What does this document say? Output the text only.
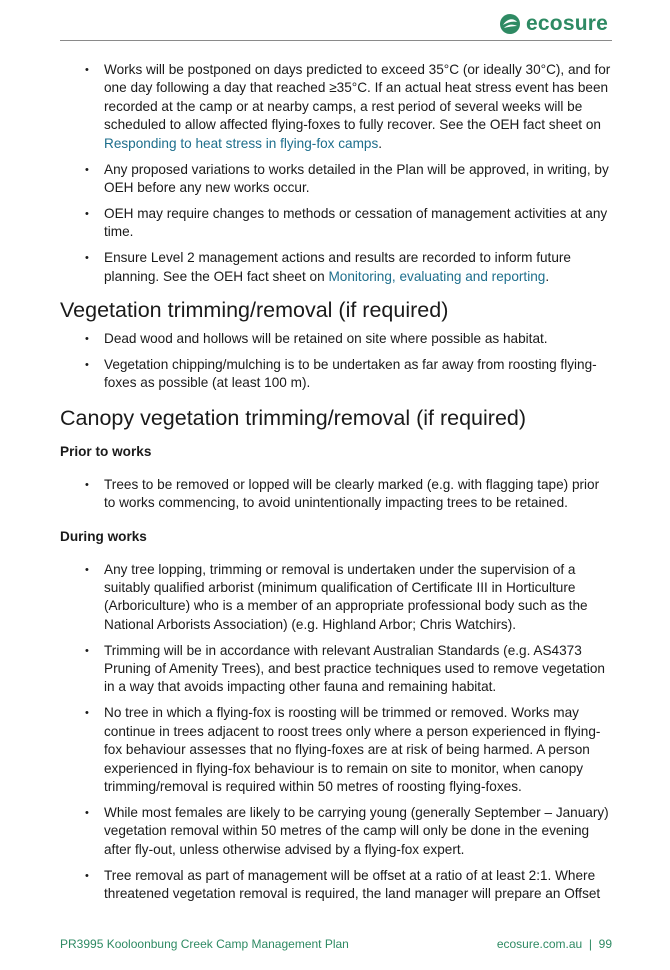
ecosure
• Works will be postponed on days predicted to exceed 35°C (or ideally 30°C), and for one day following a day that reached ≥35°C. If an actual heat stress event has been recorded at the camp or at nearby camps, a rest period of several weeks will be scheduled to allow affected flying-foxes to fully recover. See the OEH fact sheet on Responding to heat stress in flying-fox camps.
• Any proposed variations to works detailed in the Plan will be approved, in writing, by OEH before any new works occur.
• OEH may require changes to methods or cessation of management activities at any time.
• Ensure Level 2 management actions and results are recorded to inform future planning. See the OEH fact sheet on Monitoring, evaluating and reporting.
Vegetation trimming/removal (if required)
• Dead wood and hollows will be retained on site where possible as habitat.
• Vegetation chipping/mulching is to be undertaken as far away from roosting flying-foxes as possible (at least 100 m).
Canopy vegetation trimming/removal (if required)
Prior to works
• Trees to be removed or lopped will be clearly marked (e.g. with flagging tape) prior to works commencing, to avoid unintentionally impacting trees to be retained.
During works
• Any tree lopping, trimming or removal is undertaken under the supervision of a suitably qualified arborist (minimum qualification of Certificate III in Horticulture (Arboriculture) who is a member of an appropriate professional body such as the National Arborists Association) (e.g. Highland Arbor; Chris Watchirs).
• Trimming will be in accordance with relevant Australian Standards (e.g. AS4373 Pruning of Amenity Trees), and best practice techniques used to remove vegetation in a way that avoids impacting other fauna and remaining habitat.
• No tree in which a flying-fox is roosting will be trimmed or removed. Works may continue in trees adjacent to roost trees only where a person experienced in flying-fox behaviour assesses that no flying-foxes are at risk of being harmed. A person experienced in flying-fox behaviour is to remain on site to monitor, when canopy trimming/removal is required within 50 metres of roosting flying-foxes.
• While most females are likely to be carrying young (generally September – January) vegetation removal within 50 metres of the camp will only be done in the evening after fly-out, unless otherwise advised by a flying-fox expert.
• Tree removal as part of management will be offset at a ratio of at least 2:1. Where threatened vegetation removal is required, the land manager will prepare an Offset
PR3995 Kooloonbung Creek Camp Management Plan	ecosure.com.au  |  99
